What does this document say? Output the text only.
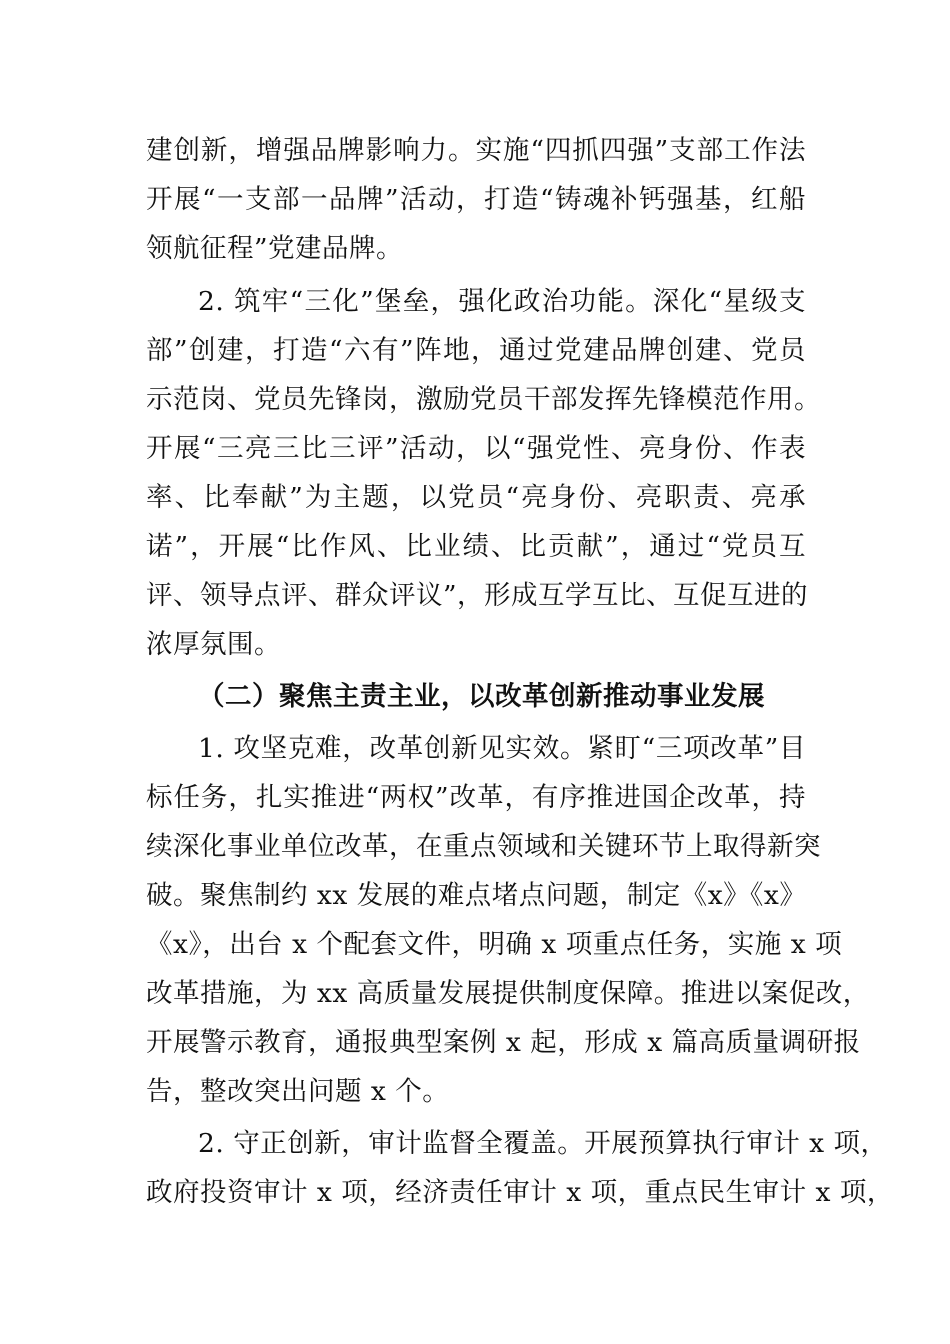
建创新，增强品牌影响力。实施“四抓四强”支部工作法
开展“一支部一品牌”活动，打造“铸魂补钙强基，红船
领航征程”党建品牌。
2. 筑牢“三化”堡垒，强化政治功能。深化“星级支
部”创建，打造“六有”阵地，通过党建品牌创建、党员
示范岗、党员先锋岗，激励党员干部发挥先锋模范作用。
开展“三亮三比三评”活动，以“强党性、亮身份、作表
率、比奉献”为主题，以党员“亮身份、亮职责、亮承
诺”，开展“比作风、比业绩、比贡献”，通过“党员互
评、领导点评、群众评议”，形成互学互比、互促互进的
浓厚氛围。
（二）聚焦主责主业，以改革创新推动事业发展
1. 攻坚克难，改革创新见实效。紧盯“三项改革”目
标任务，扎实推进“两权”改革，有序推进国企改革，持
续深化事业单位改革，在重点领域和关键环节上取得新突
破。聚焦制约 xx 发展的难点堵点问题，制定《x》《x》
《x》，出台 x 个配套文件，明确 x 项重点任务，实施 x 项
改革措施，为 xx 高质量发展提供制度保障。推进以案促改，
开展警示教育，通报典型案例 x 起，形成 x 篇高质量调研报
告，整改突出问题 x 个。
2. 守正创新，审计监督全覆盖。开展预算执行审计 x 项，
政府投资审计 x 项，经济责任审计 x 项，重点民生审计 x 项，
